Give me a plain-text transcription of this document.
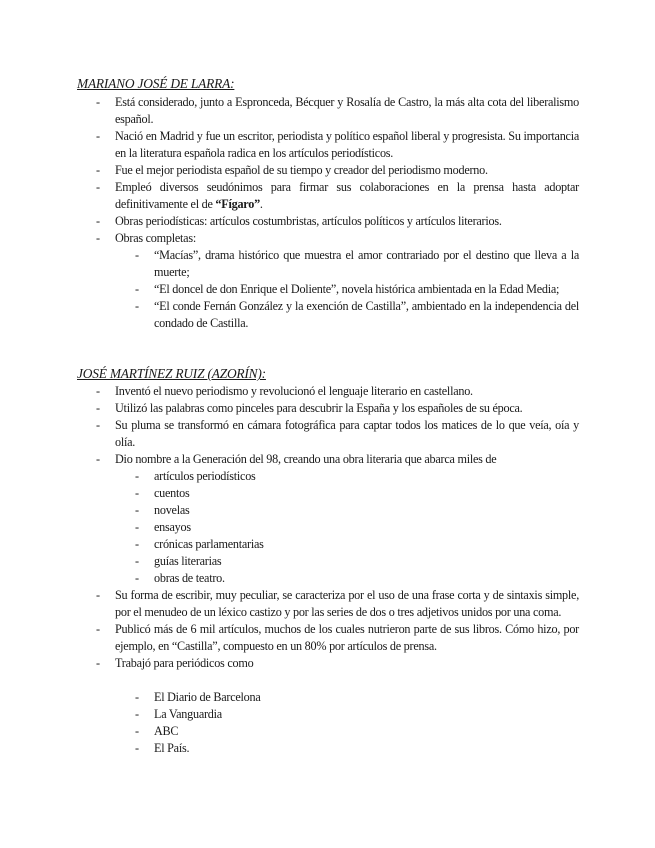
MARIANO JOSÉ DE LARRA:
- Está considerado, junto a Espronceda, Bécquer y Rosalía de Castro, la más alta cota del liberalismo español.
- Nació en Madrid y fue un escritor, periodista y político español liberal y progresista. Su importancia en la literatura española radica en los artículos periodísticos.
- Fue el mejor periodista español de su tiempo y creador del periodismo moderno.
- Empleó diversos seudónimos para firmar sus colaboraciones en la prensa hasta adoptar definitivamente el de “Fígaro”.
- Obras periodísticas: artículos costumbristas, artículos políticos y artículos literarios.
- Obras completas:
- “Macías”, drama histórico que muestra el amor contrariado por el destino que lleva a la muerte;
- “El doncel de don Enrique el Doliente”, novela histórica ambientada en la Edad Media;
- “El conde Fernán González y la exención de Castilla”, ambientado en la independencia del condado de Castilla.
JOSÉ MARTÍNEZ RUIZ (AZORÍN):
- Inventó el nuevo periodismo y revolucionó el lenguaje literario en castellano.
- Utilizó las palabras como pinceles para descubrir la España y los españoles de su época.
- Su pluma se transformó en cámara fotográfica para captar todos los matices de lo que veía, oía y olía.
- Dio nombre a la Generación del 98, creando una obra literaria que abarca miles de
- artículos periodísticos
- cuentos
- novelas
- ensayos
- crónicas parlamentarias
- guías literarias
- obras de teatro.
- Su forma de escribir, muy peculiar, se caracteriza por el uso de una frase corta y de sintaxis simple, por el menudeo de un léxico castizo y por las series de dos o tres adjetivos unidos por una coma.
- Publicó más de 6 mil artículos, muchos de los cuales nutrieron parte de sus libros. Cómo hizo, por ejemplo, en “Castilla”, compuesto en un 80% por artículos de prensa.
- Trabajó para periódicos como
- El Diario de Barcelona
- La Vanguardia
- ABC
- El País.
